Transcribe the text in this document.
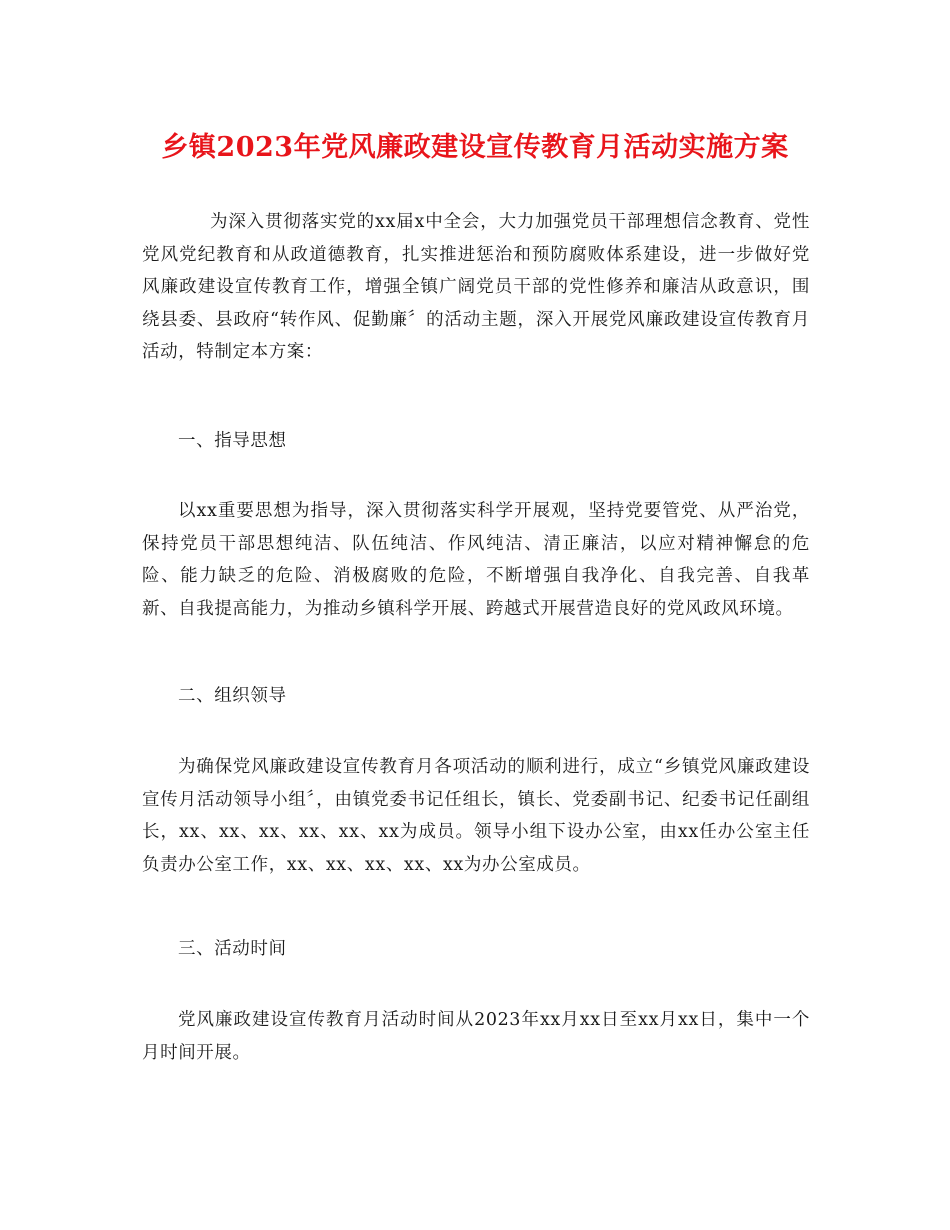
乡镇2023年党风廉政建设宣传教育月活动实施方案

为深入贯彻落实党的xx届x中全会，大力加强党员干部理想信念教育、党性党风党纪教育和从政道德教育，扎实推进惩治和预防腐败体系建设，进一步做好党风廉政建设宣传教育工作，增强全镇广阔党员干部的党性修养和廉洁从政意识，围绕县委、县政府“转作风、促勤廉〞的活动主题，深入开展党风廉政建设宣传教育月活动，特制定本方案：

一、指导思想

以xx重要思想为指导，深入贯彻落实科学开展观，坚持党要管党、从严治党，保持党员干部思想纯洁、队伍纯洁、作风纯洁、清正廉洁，以应对精神懈怠的危险、能力缺乏的危险、消极腐败的危险，不断增强自我净化、自我完善、自我革新、自我提高能力，为推动乡镇科学开展、跨越式开展营造良好的党风政风环境。

二、组织领导

为确保党风廉政建设宣传教育月各项活动的顺利进行，成立“乡镇党风廉政建设宣传月活动领导小组〞，由镇党委书记任组长，镇长、党委副书记、纪委书记任副组长，xx、xx、xx、xx、xx、xx为成员。领导小组下设办公室，由xx任办公室主任负责办公室工作，xx、xx、xx、xx、xx为办公室成员。

三、活动时间

党风廉政建设宣传教育月活动时间从2023年xx月xx日至xx月xx日，集中一个月时间开展。
